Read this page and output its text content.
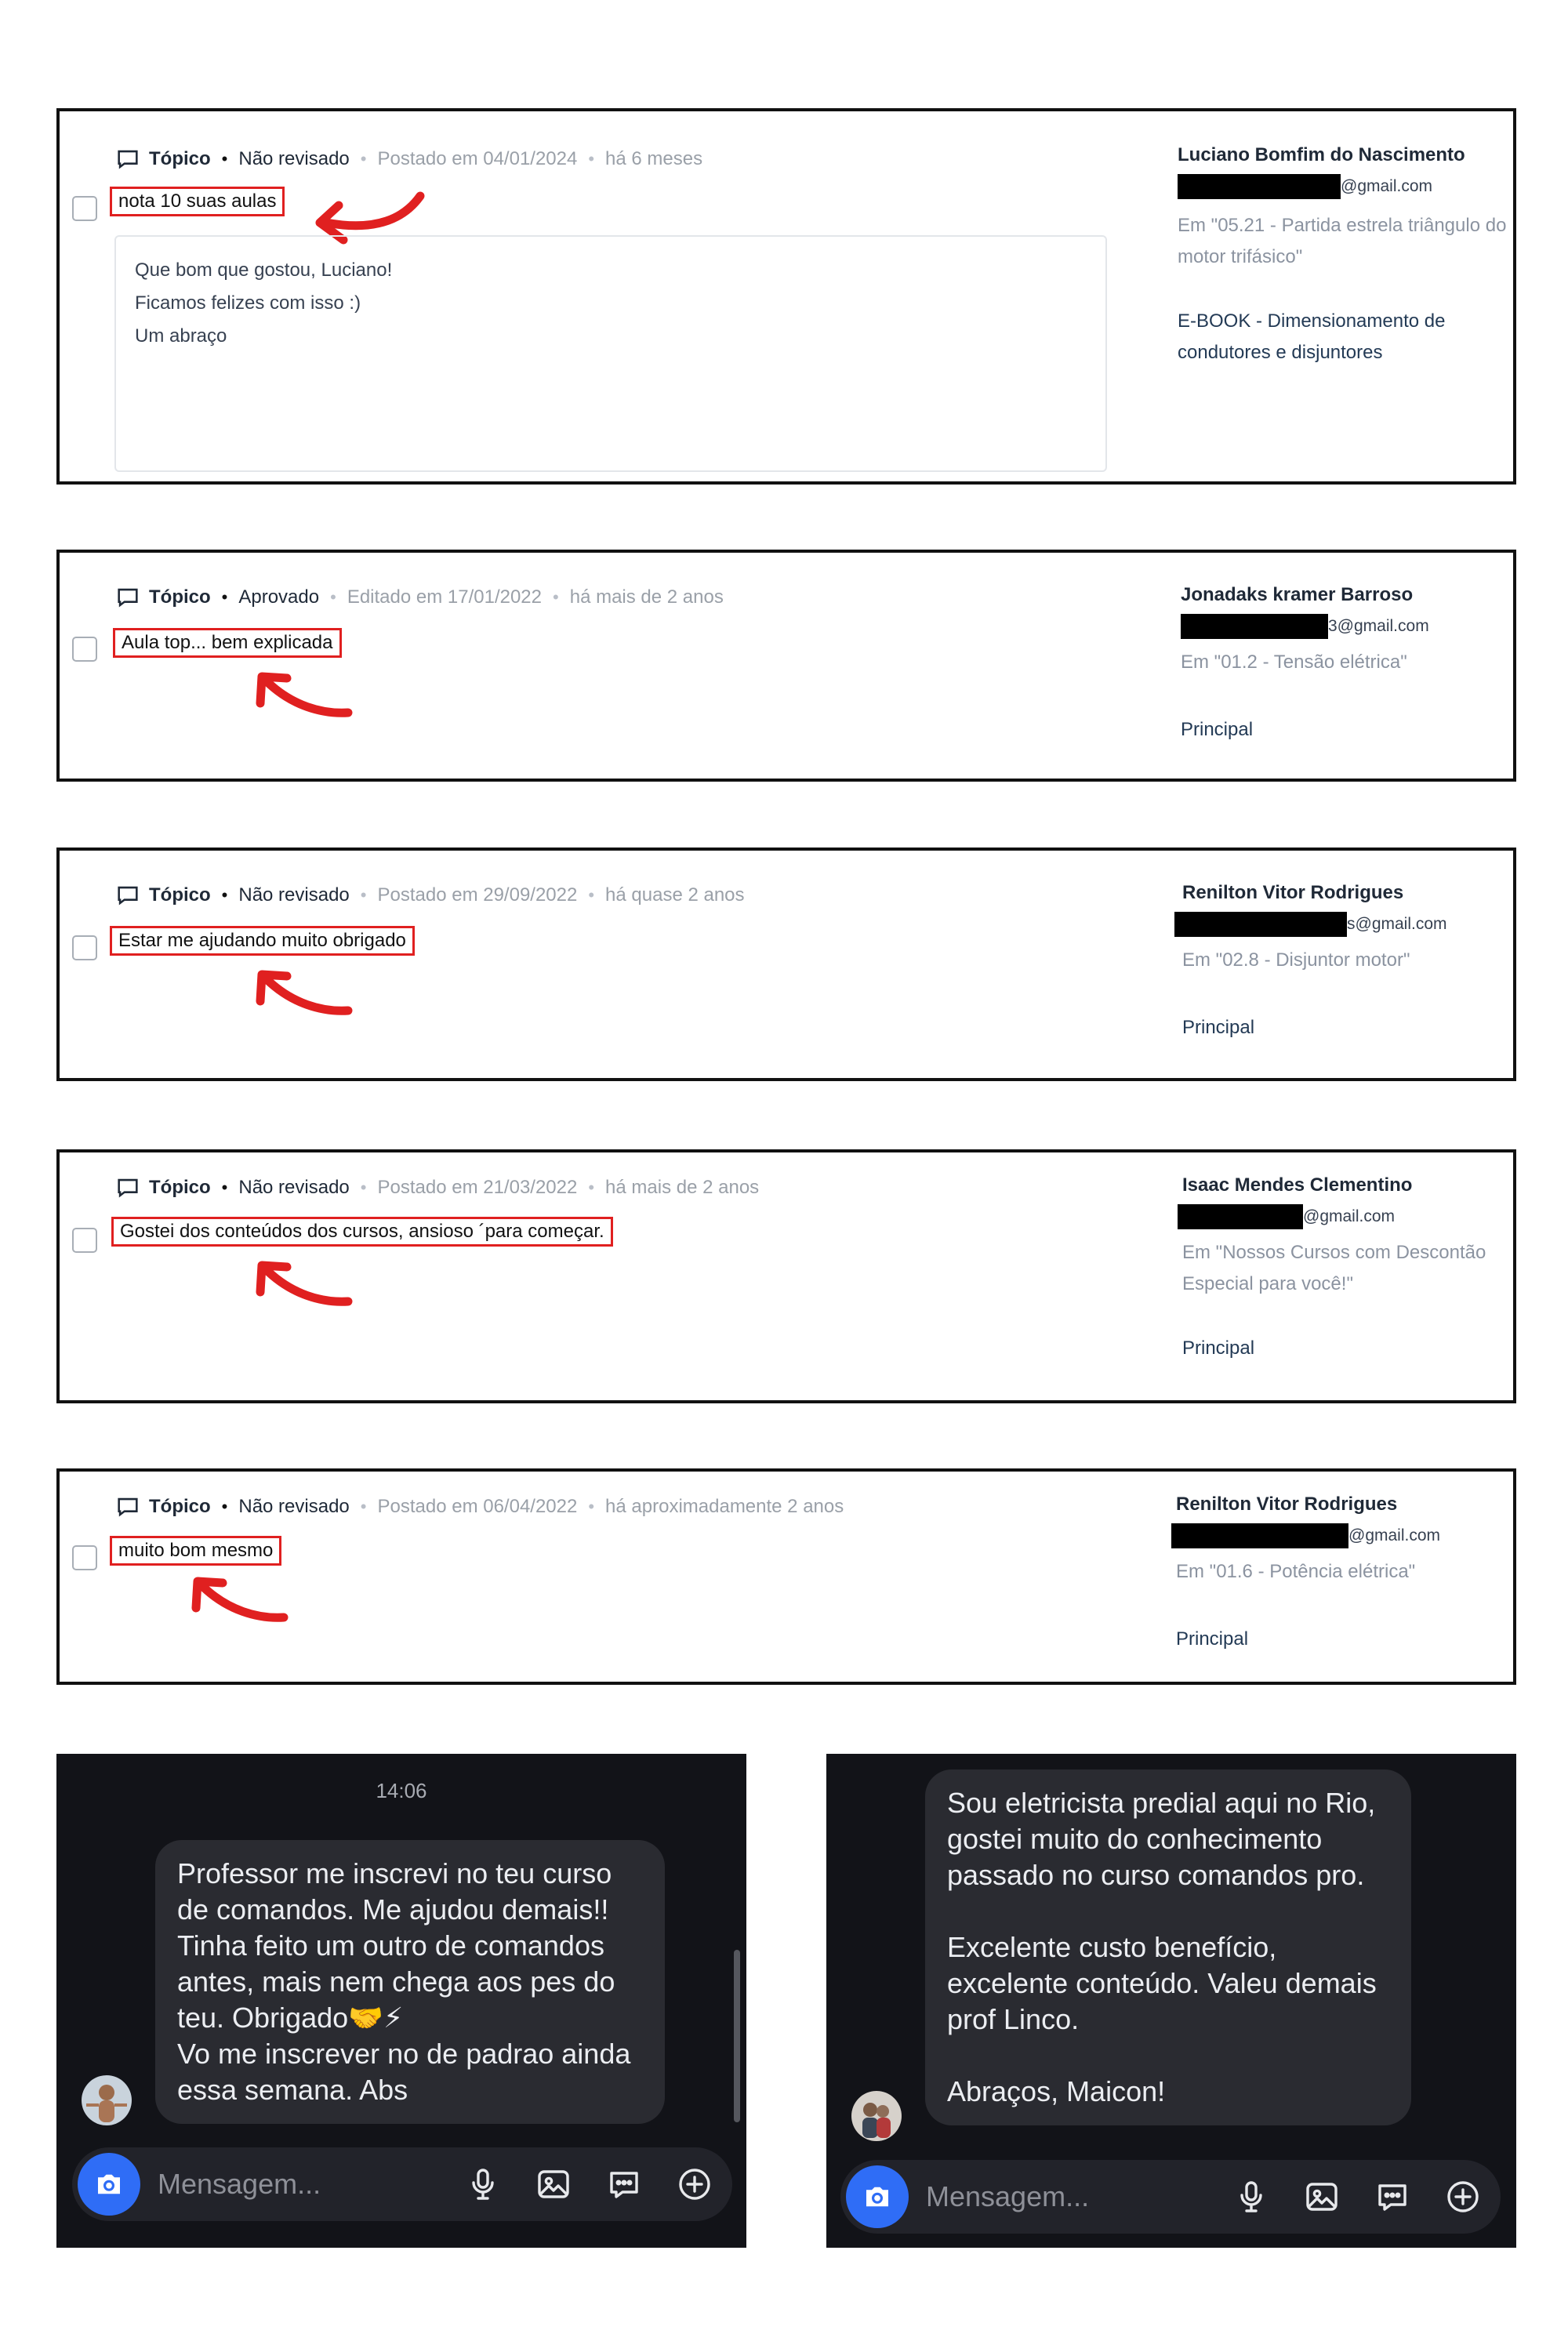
Tópico • Não revisado • Postado em 04/01/2024 • há 6 meses
nota 10 suas aulas

Que bom que gostou, Luciano!
Ficamos felizes com isso :)
Um abraço

Luciano Bomfim do Nascimento
@gmail.com
Em "05.21 - Partida estrela triângulo do motor trifásico"
E-BOOK - Dimensionamento de condutores e disjuntores
Tópico • Aprovado • Editado em 17/01/2022 • há mais de 2 anos
Aula top... bem explicada
Jonadaks kramer Barroso
3@gmail.com
Em "01.2 - Tensão elétrica"
Principal
Tópico • Não revisado • Postado em 29/09/2022 • há quase 2 anos
Estar me ajudando muito obrigado
Renilton Vitor Rodrigues
s@gmail.com
Em "02.8 - Disjuntor motor"
Principal
Tópico • Não revisado • Postado em 21/03/2022 • há mais de 2 anos
Gostei dos conteúdos dos cursos, ansioso ´para começar.
Isaac Mendes Clementino
@gmail.com
Em "Nossos Cursos com Descontão Especial para você!"
Principal
Tópico • Não revisado • Postado em 06/04/2022 • há aproximadamente 2 anos
muito bom mesmo
Renilton Vitor Rodrigues
@gmail.com
Em "01.6 - Potência elétrica"
Principal
14:06

Professor me inscrevi no teu curso de comandos. Me ajudou demais!! Tinha feito um outro de comandos antes, mais nem chega aos pes do teu. Obrigado🤝⚡
Vo me inscrever no de padrao ainda essa semana. Abs

Mensagem...

Sou eletricista predial aqui no Rio, gostei muito do conhecimento passado no curso comandos pro.

Excelente custo benefício, excelente conteúdo. Valeu demais prof Linco.

Abraços, Maicon!

Mensagem...
